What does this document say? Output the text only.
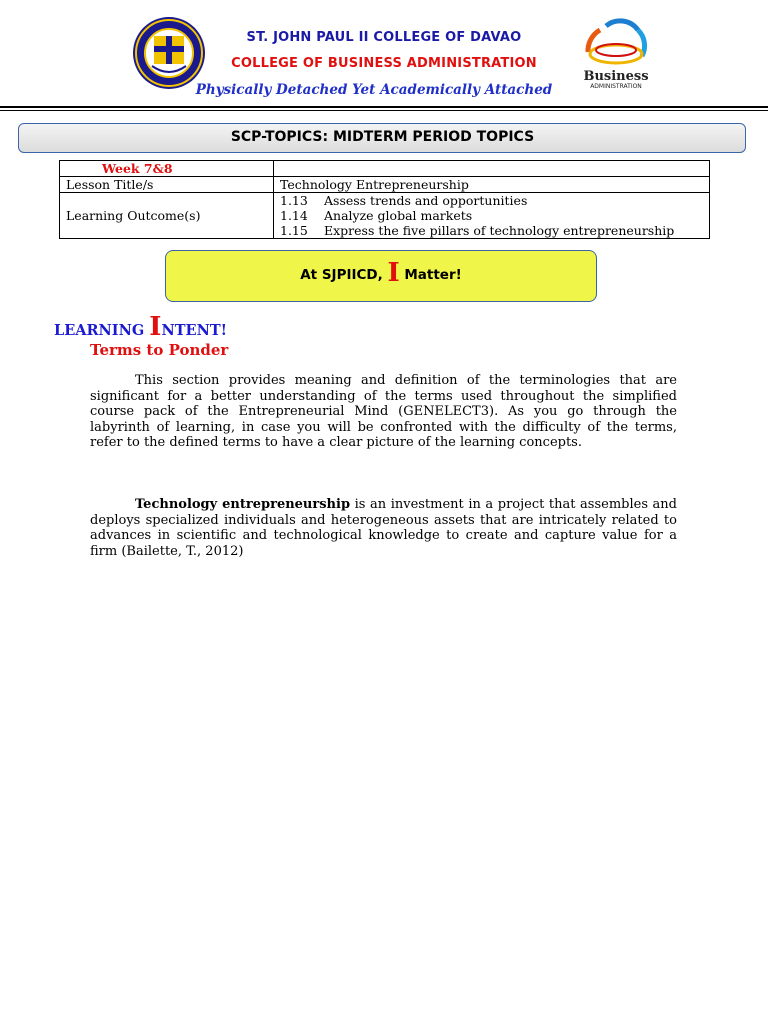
Business
ADMINISTRATION
ST. JOHN PAUL II COLLEGE OF DAVAO
COLLEGE OF BUSINESS ADMINISTRATION
Physically Detached Yet Academically Attached
SCP-TOPICS: MIDTERM PERIOD TOPICS
Week 7&8	
Lesson Title/s	Technology Entrepreneurship
Learning Outcome(s)	1.13 Assess trends and opportunities
1.14 Analyze global markets
1.15 Express the five pillars of technology entrepreneurship
At SJPIICD, I Matter!
LEARNING INTENT!
Terms to Ponder
This section provides meaning and definition of the terminologies that are significant for a better understanding of the terms used throughout the simplified course pack of the Entrepreneurial Mind (GENELECT3). As you go through the labyrinth of learning, in case you will be confronted with the difficulty of the terms, refer to the defined terms to have a clear picture of the learning concepts.
Technology entrepreneurship is an investment in a project that assembles and deploys specialized individuals and heterogeneous assets that are intricately related to advances in scientific and technological knowledge to create and capture value for a firm (Bailette, T., 2012)
